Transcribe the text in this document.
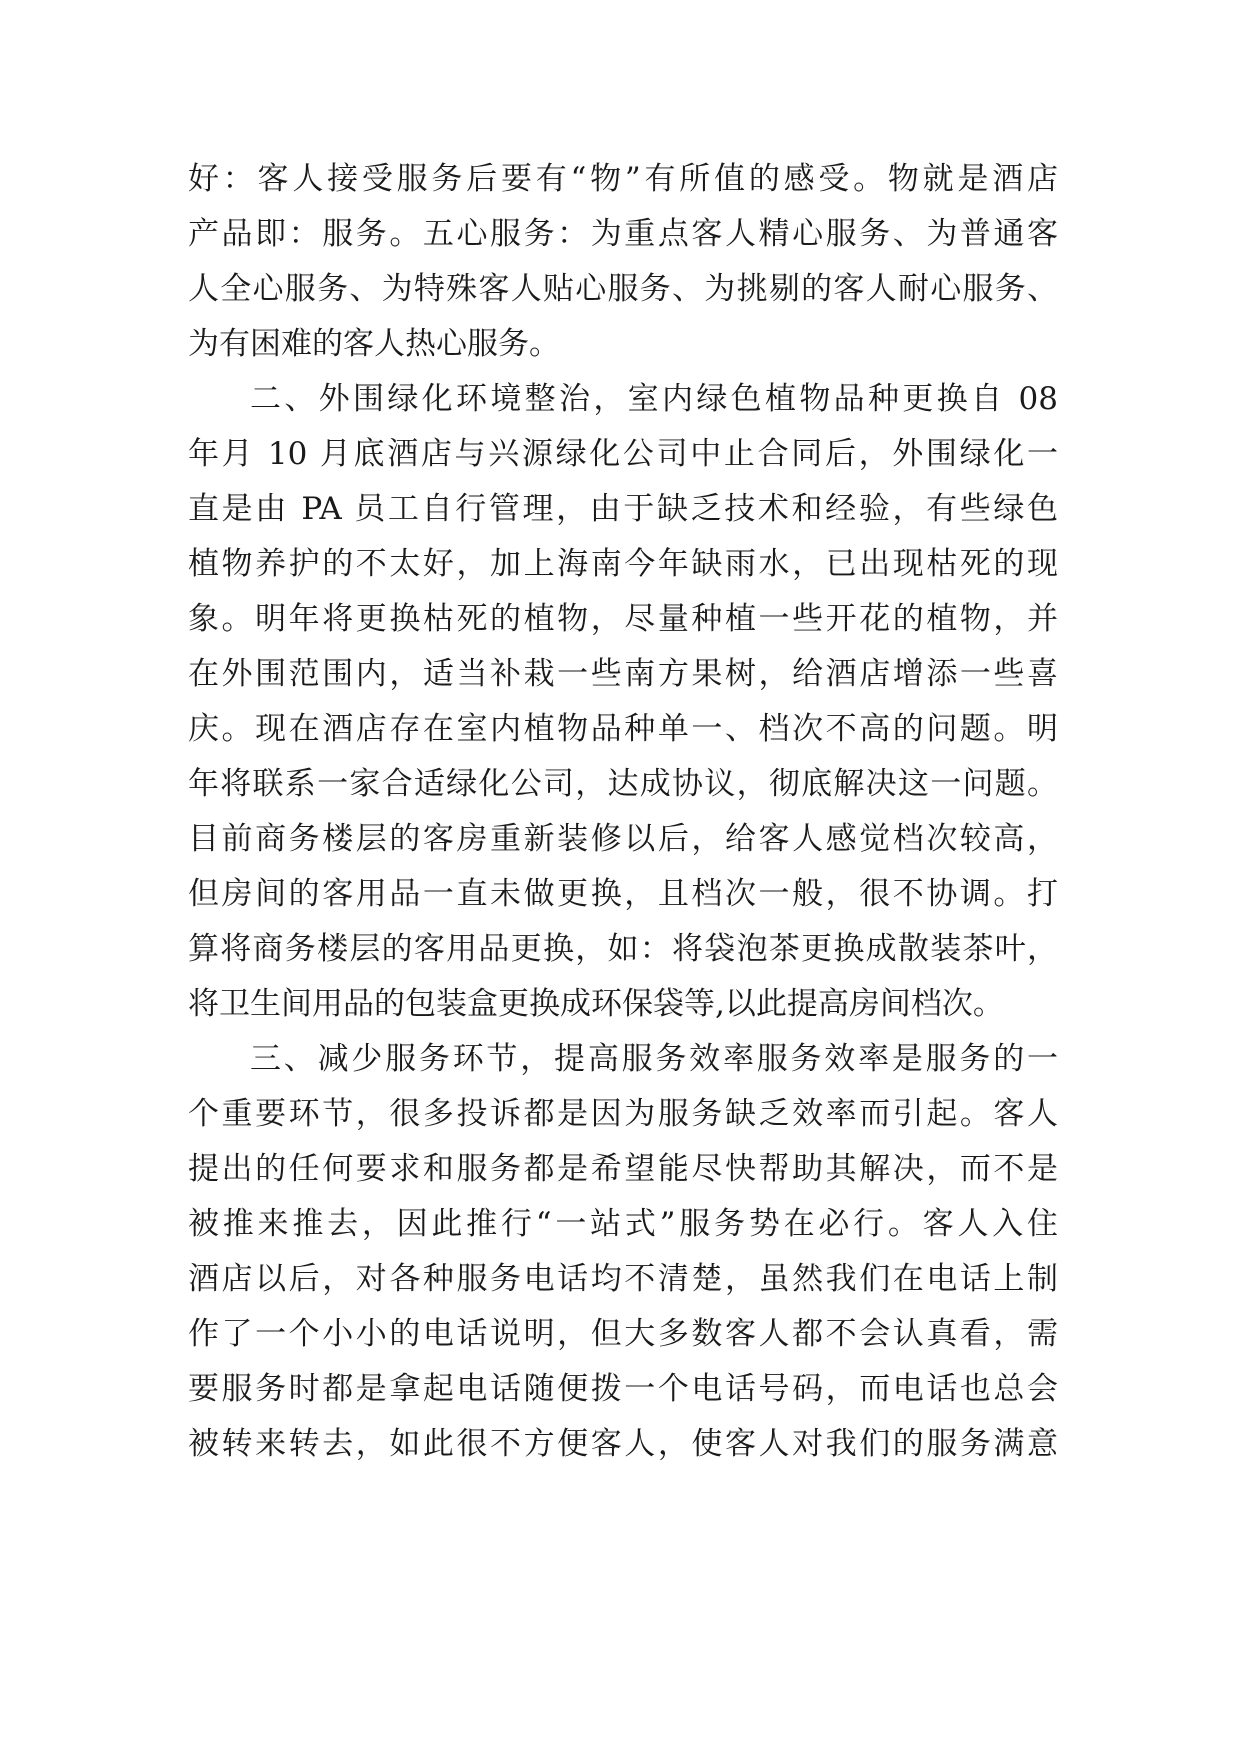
好：客人接受服务后要有“物”有所值的感受。物就是酒店
产品即：服务。五心服务：为重点客人精心服务、为普通客
人全心服务、为特殊客人贴心服务、为挑剔的客人耐心服务、
为有困难的客人热心服务。
二、外围绿化环境整治，室内绿色植物品种更换自 08
年月 10 月底酒店与兴源绿化公司中止合同后，外围绿化一
直是由 PA 员工自行管理，由于缺乏技术和经验，有些绿色
植物养护的不太好，加上海南今年缺雨水，已出现枯死的现
象。明年将更换枯死的植物，尽量种植一些开花的植物，并
在外围范围内，适当补栽一些南方果树，给酒店增添一些喜
庆。现在酒店存在室内植物品种单一、档次不高的问题。明
年将联系一家合适绿化公司，达成协议，彻底解决这一问题。
目前商务楼层的客房重新装修以后，给客人感觉档次较高，
但房间的客用品一直未做更换，且档次一般，很不协调。打
算将商务楼层的客用品更换，如：将袋泡茶更换成散装茶叶，
将卫生间用品的包装盒更换成环保袋等,以此提高房间档次。
三、减少服务环节，提高服务效率服务效率是服务的一
个重要环节，很多投诉都是因为服务缺乏效率而引起。客人
提出的任何要求和服务都是希望能尽快帮助其解决，而不是
被推来推去，因此推行“一站式”服务势在必行。客人入住
酒店以后，对各种服务电话均不清楚，虽然我们在电话上制
作了一个小小的电话说明，但大多数客人都不会认真看，需
要服务时都是拿起电话随便拨一个电话号码，而电话也总会
被转来转去，如此很不方便客人，使客人对我们的服务满意
